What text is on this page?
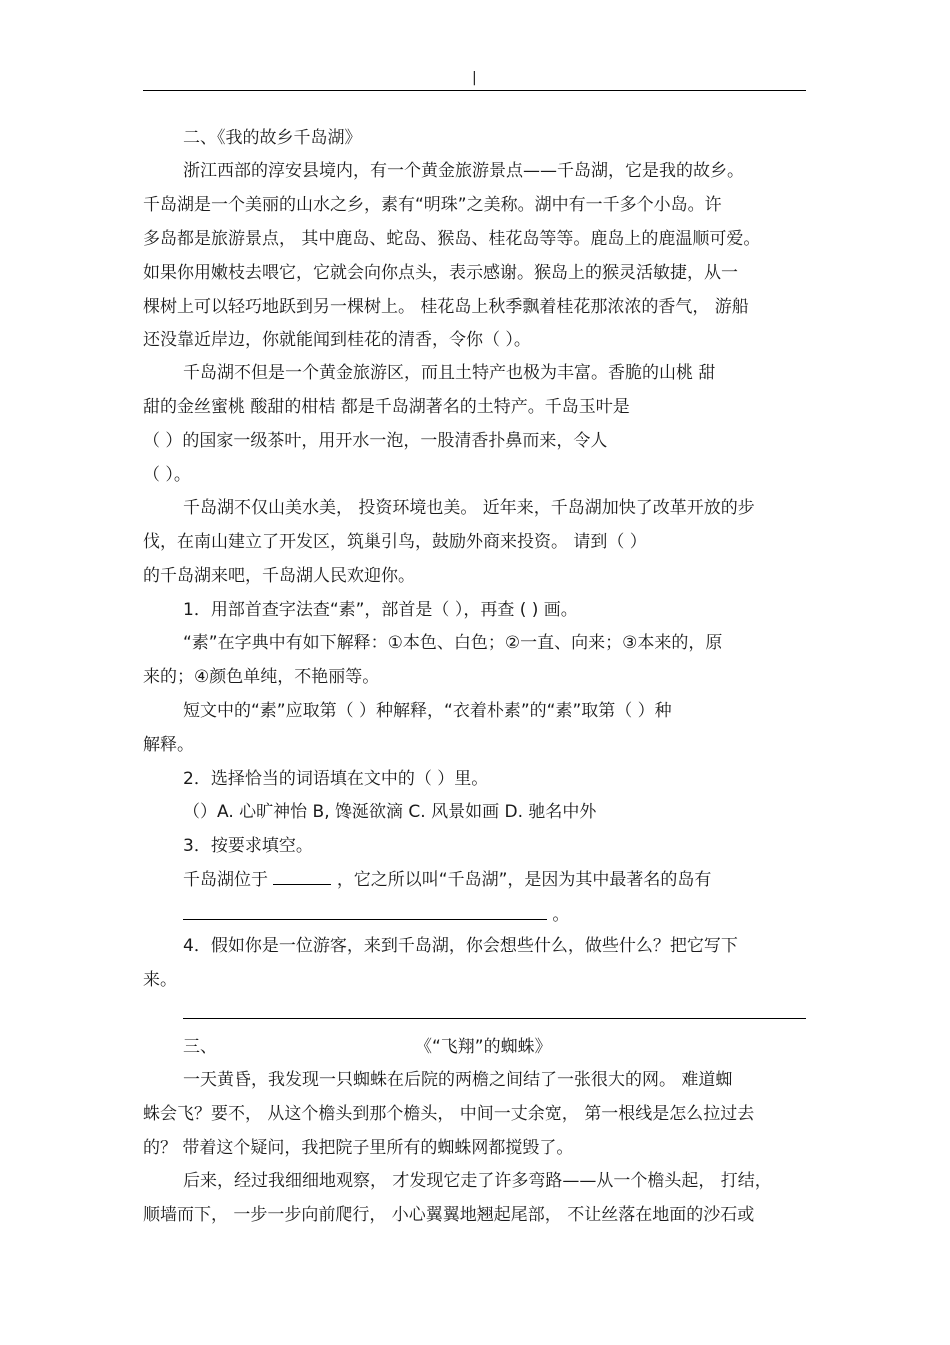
|
二、《我的故乡千岛湖》
浙江西部的淳安县境内，有一个黄金旅游景点——千岛湖，它是我的故乡。
千岛湖是一个美丽的山水之乡，素有“明珠”之美称。湖中有一千多个小岛。许
多岛都是旅游景点， 其中鹿岛、蛇岛、猴岛、桂花岛等等。鹿岛上的鹿温顺可爱。
如果你用嫩枝去喂它，它就会向你点头，表示感谢。猴岛上的猴灵活敏捷，从一
棵树上可以轻巧地跃到另一棵树上。 桂花岛上秋季飘着桂花那浓浓的香气， 游船
还没靠近岸边，你就能闻到桂花的清香，令你（ ）。
千岛湖不但是一个黄金旅游区，而且土特产也极为丰富。香脆的山桃 甜
甜的金丝蜜桃 酸甜的柑桔 都是千岛湖著名的土特产。千岛玉叶是
（ ）的国家一级茶叶，用开水一泡，一股清香扑鼻而来，令人
（ ）。
千岛湖不仅山美水美， 投资环境也美。 近年来，千岛湖加快了改革开放的步
伐，在南山建立了开发区，筑巢引鸟，鼓励外商来投资。 请到（ ）
的千岛湖来吧，千岛湖人民欢迎你。
1．用部首查字法查“素”，部首是（ ），再查 ( ) 画。
“素”在字典中有如下解释：①本色、白色；②一直、向来；③本来的，原
来的；④颜色单纯，不艳丽等。
短文中的“素”应取第（ ）种解释，“衣着朴素”的“素”取第（ ）种
解释。
2．选择恰当的词语填在文中的（ ）里。
（）A. 心旷神怡 B, 馋涎欲滴 C. 风景如画 D. 驰名中外
3．按要求填空。
千岛湖位于	，它之所以叫“千岛湖”，是因为其中最著名的岛有
。
4．假如你是一位游客，来到千岛湖，你会想些什么，做些什么？把它写下
来。
三、	《“飞翔”的蜘蛛》
一天黄昏，我发现一只蜘蛛在后院的两檐之间结了一张很大的网。 难道蜘
蛛会飞？要不， 从这个檐头到那个檐头， 中间一丈余宽， 第一根线是怎么拉过去
的？ 带着这个疑问，我把院子里所有的蜘蛛网都搅毁了。
后来，经过我细细地观察， 才发现它走了许多弯路——从一个檐头起， 打结，
顺墙而下， 一步一步向前爬行， 小心翼翼地翘起尾部， 不让丝落在地面的沙石或
